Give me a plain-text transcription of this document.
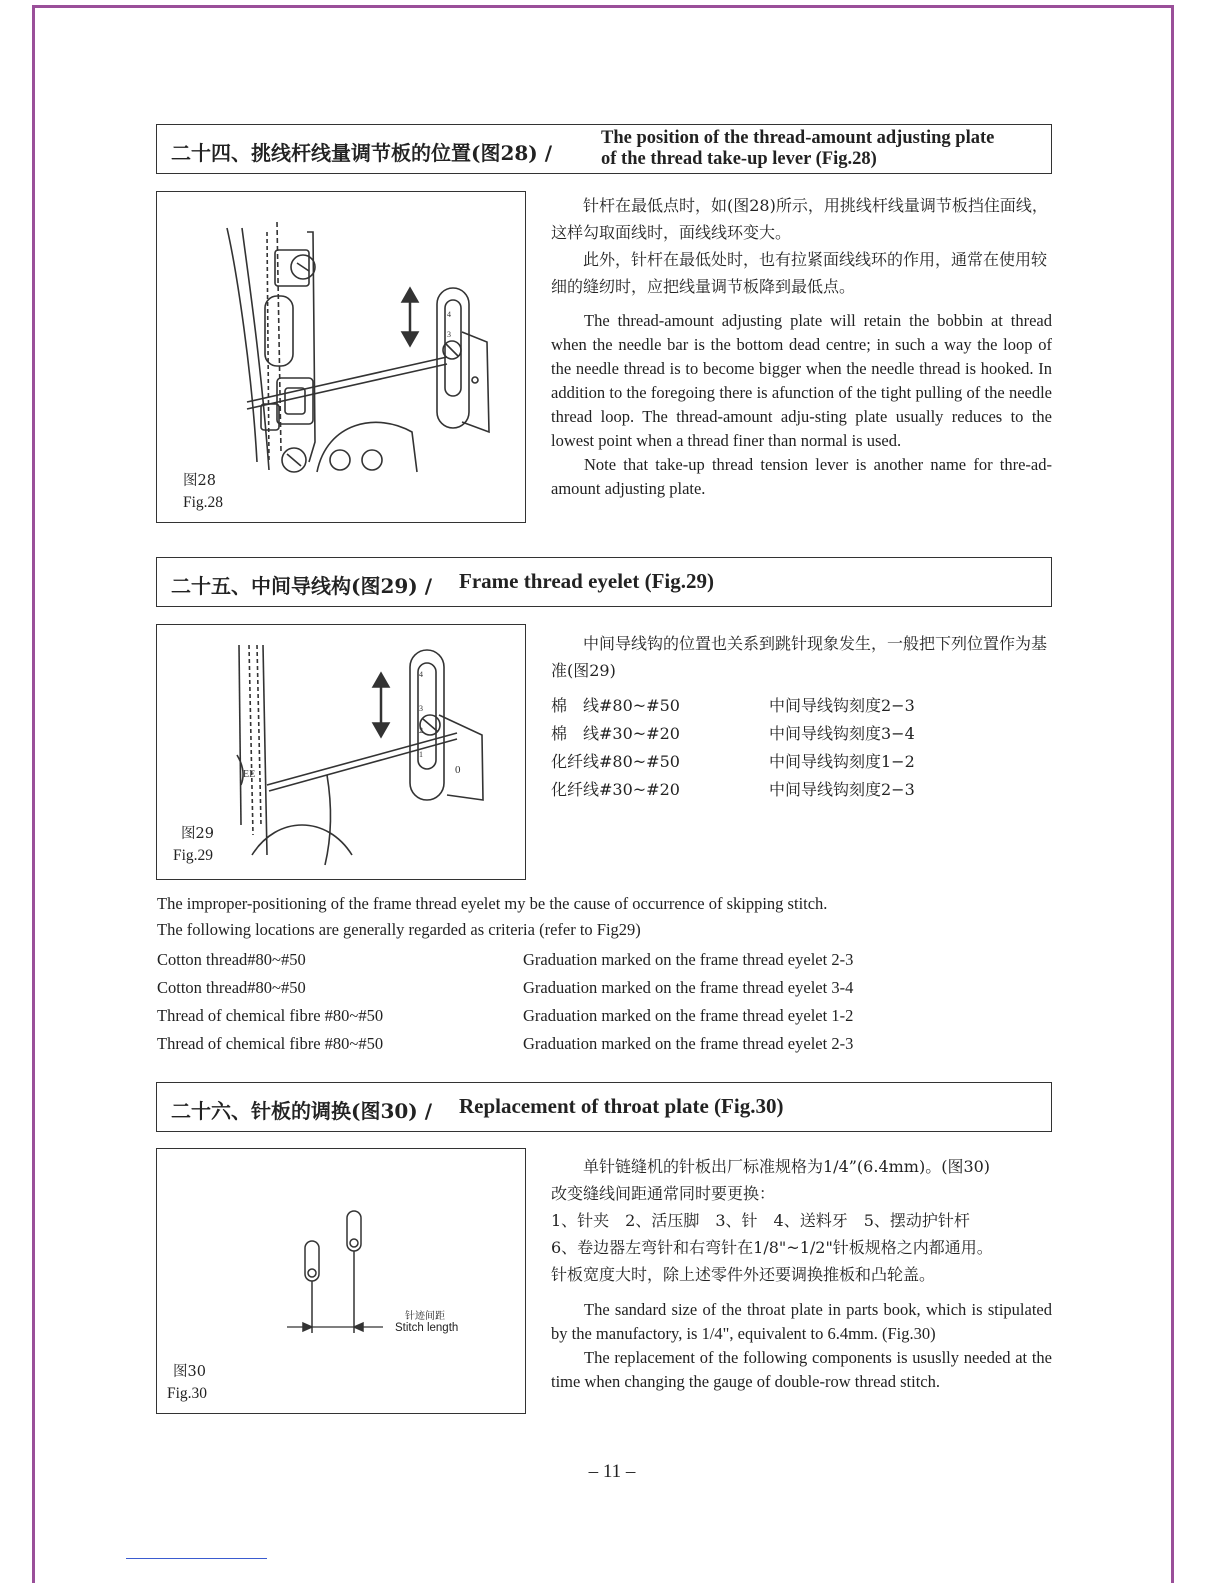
二十四、挑线杆线量调节板的位置(图28) /
The position of the thread-amount adjusting plate
of the thread take-up lever (Fig.28)
4
3
图28
Fig.28

针杆在最低点时，如(图28)所示，用挑线杆线量调节板挡住面线，这样勾取面线时，面线线环变大。

此外，针杆在最低处时，也有拉紧面线线环的作用，通常在使用较细的缝纫时，应把线量调节板降到最低点。

The thread-amount adjusting plate will retain the bobbin at thread when the needle bar is the bottom dead centre; in such a way the loop of the needle thread is to become bigger when the needle thread is hooked. In addition to the foregoing there is afunction of the tight pulling of the needle thread loop. The thread-amount adju-sting plate usually reduces to the lowest point when a thread finer than normal is used.

Note that take-up thread tension lever is another name for thre-ad-amount adjusting plate.

二十五、中间导线构(图29) / Frame thread eyelet (Fig.29)
EE
4
3
2
1
0
图29
Fig.29

中间导线钩的位置也关系到跳针现象发生，一般把下列位置作为基准(图29)

棉　线#80~#50	中间导线钩刻度2−3
棉　线#30~#20	中间导线钩刻度3−4
化纤线#80~#50	中间导线钩刻度1−2
化纤线#30~#20	中间导线钩刻度2−3
The improper-positioning of the frame thread eyelet my be the cause of occurrence of skipping stitch.
The following locations are generally regarded as criteria (refer to Fig29)
Cotton thread#80~#50	Graduation marked on the frame thread eyelet 2-3
Cotton thread#80~#50	Graduation marked on the frame thread eyelet 3-4
Thread of chemical fibre #80~#50	Graduation marked on the frame thread eyelet 1-2
Thread of chemical fibre #80~#50	Graduation marked on the frame thread eyelet 2-3
二十六、针板的调换(图30) / Replacement of throat plate (Fig.30)
针迹间距
Stitch length
图30
Fig.30

单针链缝机的针板出厂标准规格为1/4”(6.4mm)。(图30)

改变缝线间距通常同时要更换：

1、针夹　2、活压脚　3、针　4、送料牙　5、摆动护针杆

6、卷边器左弯针和右弯针在1/8"~1/2"针板规格之内都通用。

针板宽度大时，除上述零件外还要调换推板和凸轮盖。

The sandard size of the throat plate in parts book, which is stipulated by the manufactory, is 1/4", equivalent to 6.4mm. (Fig.30)

The replacement of the following components is ususlly needed at the time when changing the gauge of double-row thread stitch.

– 11 –
